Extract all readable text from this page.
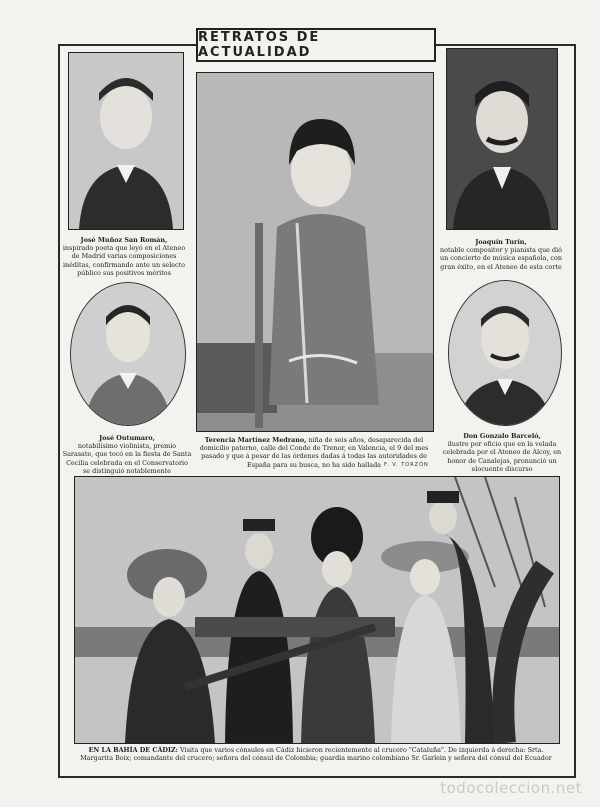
RETRATOS DE ACTUALIDAD
José Muñoz San Román,
inspirado poeta que leyó en el Ateneo de Madrid varias composiciones inéditas, confirmando ante un selecto público sus positivos méritos
Terencia Martínez Medrano, niña de seis años, desaparecida del domicilio paterno, calle del Conde de Trenor, en Valencia, el 9 del mes pasado y que á pesar de las órdenes dadas á todas las autoridades de España para su busca, no ha sido hallada F. V. TORZÓN
Joaquín Turín,
notable compositor y pianista que dió un concierto de música española, con gran éxito, en el Ateneo de esta corte
José Outumaro,
notabilísimo violinista, premio Sarasate, que tocó en la fiesta de Santa Cecilia celebrada en el Conservatorio se distinguió notablemente
Don Gonzalo Barceló,
ilustre por oficio que en la velada celebrada por el Ateneo de Alcoy, en honor de Canalejas, pronunció un elocuente discurso
EN LA BAHÍA DE CÁDIZ: Visita que varios cónsules en Cádiz hicieron recientemente al crucero "Cataluña". De izquierda á derecha: Srta. Margarita Boix; comandante del crucero; señora del cónsul de Colombia; guardia marino colombiano Sr. Garlein y señora del cónsul del Ecuador
todocoleccion.net
